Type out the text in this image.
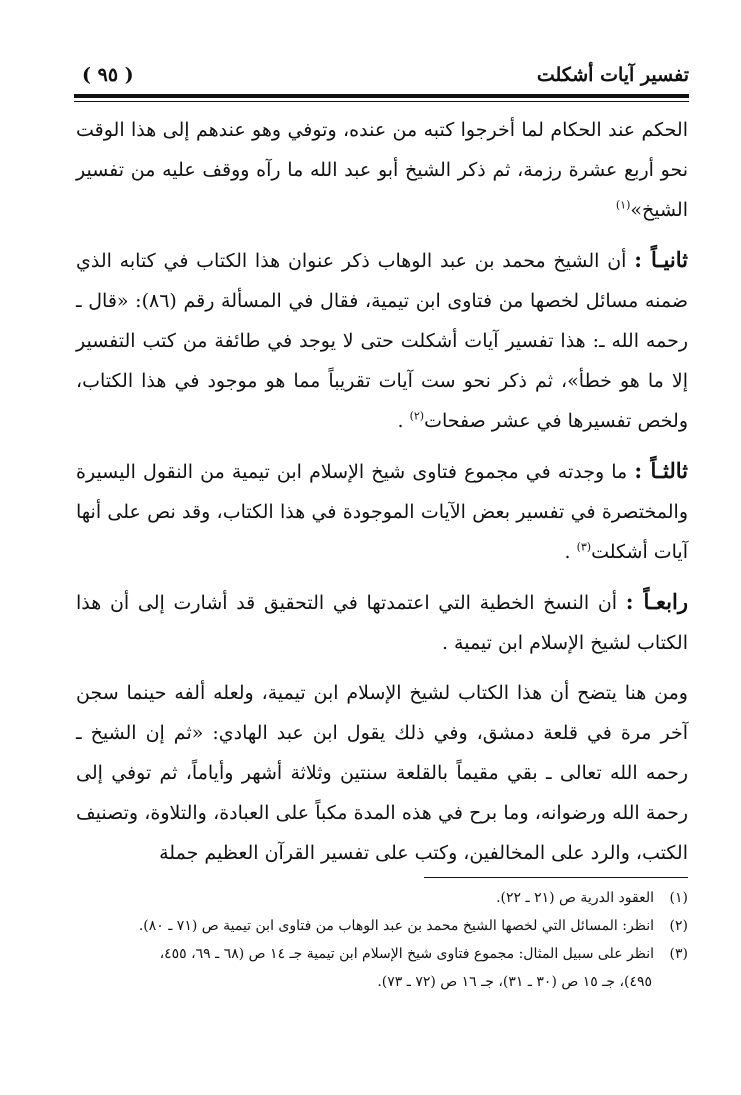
تفسير آيات أشكلت
( ٩٥ )

الحكم عند الحكام لما أخرجوا كتبه من عنده، وتوفي وهو عندهم إلى هذا الوقت نحو أربع عشرة رزمة، ثم ذكر الشيخ أبو عبد الله ما رآه ووقف عليه من تفسير الشيخ»$^{(١)}$

ثانيـاً : أن الشيخ محمد بن عبد الوهاب ذكر عنوان هذا الكتاب في كتابه الذي ضمنه مسائل لخصها من فتاوى ابن تيمية، فقال في المسألة رقم (٨٦): «قال ـ رحمه الله ـ: هذا تفسير آيات أشكلت حتى لا يوجد في طائفة من كتب التفسير إلا ما هو خطأ»، ثم ذكر نحو ست آيات تقريباً مما هو موجود في هذا الكتاب، ولخص تفسيرها في عشر صفحات$^{(٢)}$ .

ثالثـاً : ما وجدته في مجموع فتاوى شيخ الإسلام ابن تيمية من النقول اليسيرة والمختصرة في تفسير بعض الآيات الموجودة في هذا الكتاب، وقد نص على أنها آيات أشكلت$^{(٣)}$ .

رابعـاً : أن النسخ الخطية التي اعتمدتها في التحقيق قد أشارت إلى أن هذا الكتاب لشيخ الإسلام ابن تيمية .

ومن هنا يتضح أن هذا الكتاب لشيخ الإسلام ابن تيمية، ولعله ألفه حينما سجن آخر مرة في قلعة دمشق، وفي ذلك يقول ابن عبد الهادي: «ثم إن الشيخ ـ رحمه الله تعالى ـ بقي مقيماً بالقلعة سنتين وثلاثة أشهر وأياماً، ثم توفي إلى رحمة الله ورضوانه، وما برح في هذه المدة مكباً على العبادة، والتلاوة، وتصنيف الكتب، والرد على المخالفين، وكتب على تفسير القرآن العظيم جملة

(١)العقود الدرية ص (٢١ ـ ٢٢).
(٢)انظر: المسائل التي لخصها الشيخ محمد بن عبد الوهاب من فتاوى ابن تيمية ص (٧١ ـ ٨٠).
(٣)انظر على سبيل المثال: مجموع فتاوى شيخ الإسلام ابن تيمية جـ ١٤ ص (٦٨ ـ ٦٩، ٤٥٥،
٤٩٥)، جـ ١٥ ص (٣٠ ـ ٣١)، جـ ١٦ ص (٧٢ ـ ٧٣).
